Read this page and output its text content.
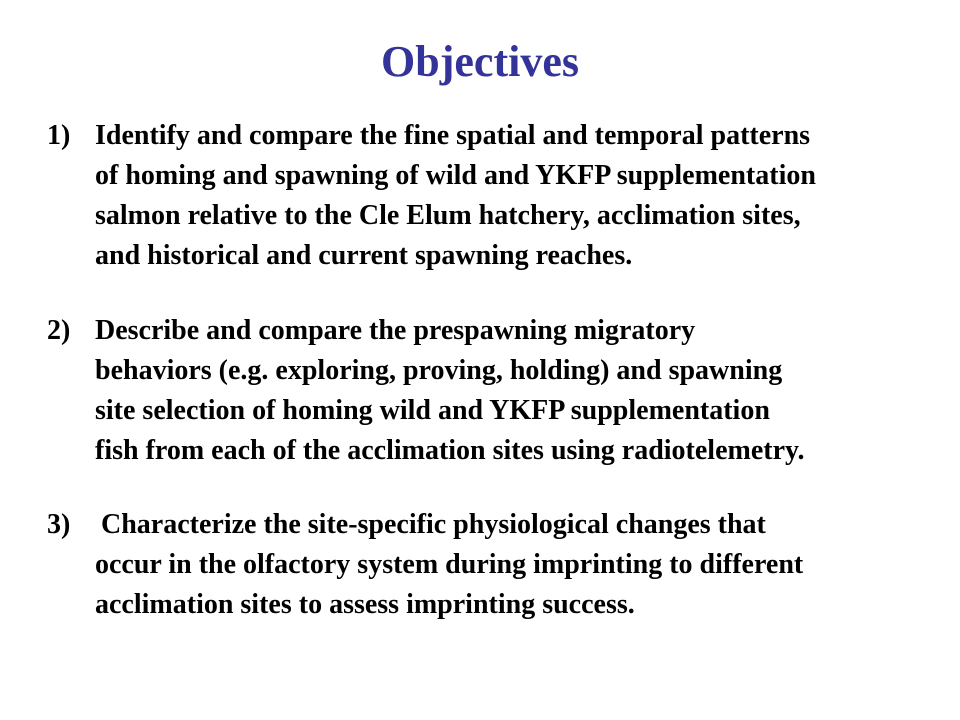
Objectives
1) Identify and compare the fine spatial and temporal patterns
of homing and spawning of wild and YKFP supplementation
salmon relative to the Cle Elum hatchery, acclimation sites,
and historical and current spawning reaches.
2) Describe and compare the prespawning migratory
behaviors (e.g. exploring, proving, holding) and spawning
site selection of homing wild and YKFP supplementation
fish from each of the acclimation sites using radiotelemetry.
3) Characterize the site-specific physiological changes that
occur in the olfactory system during imprinting to different
acclimation sites to assess imprinting success.
